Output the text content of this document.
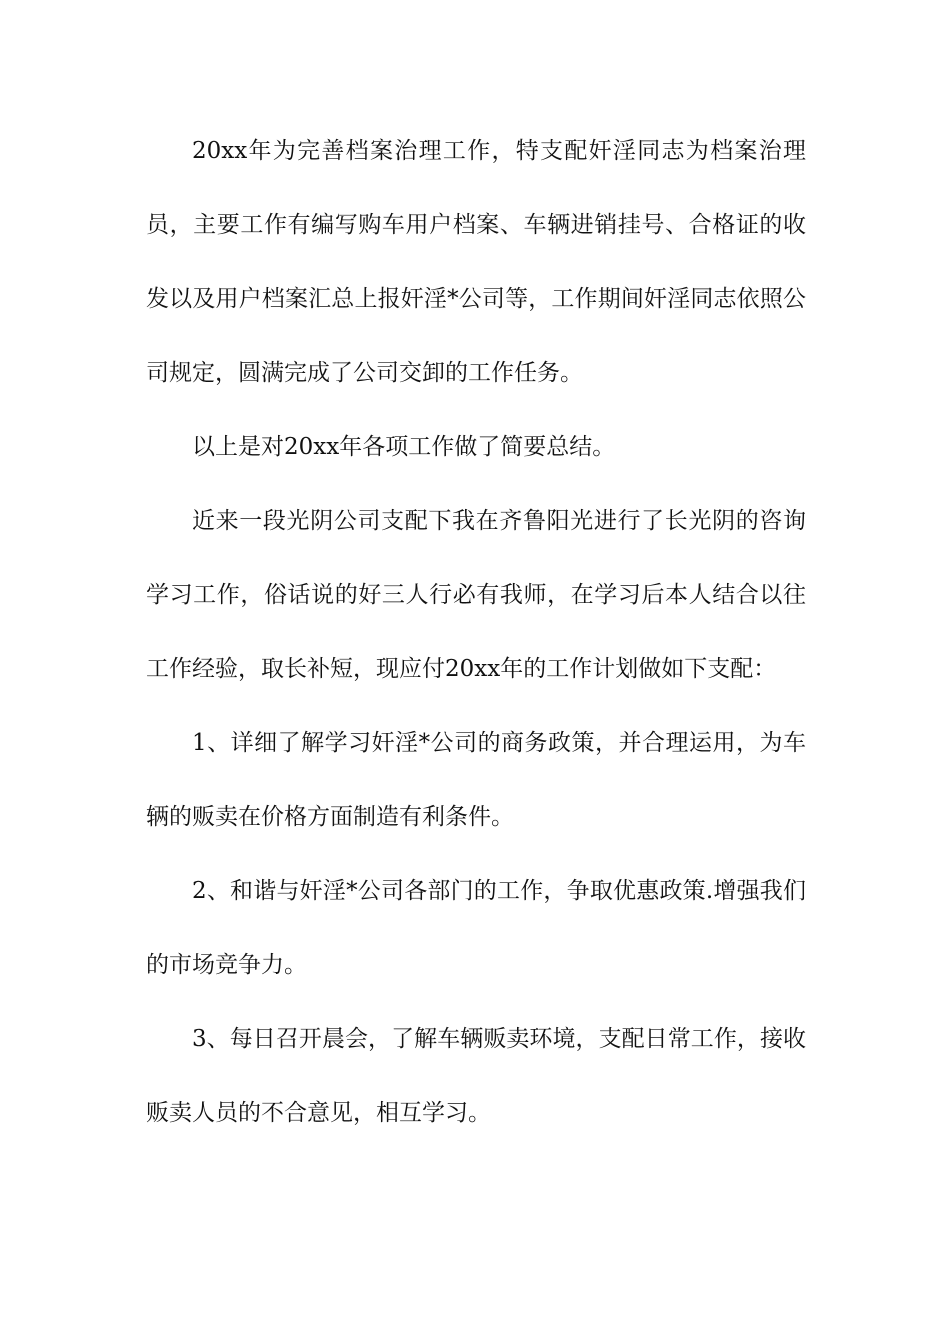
20xx年为完善档案治理工作，特支配奸淫同志为档案治理员，主要工作有编写购车用户档案、车辆进销挂号、合格证的收发以及用户档案汇总上报奸淫*公司等，工作期间奸淫同志依照公司规定，圆满完成了公司交卸的工作任务。

以上是对20xx年各项工作做了简要总结。

近来一段光阴公司支配下我在齐鲁阳光进行了长光阴的咨询学习工作，俗话说的好三人行必有我师，在学习后本人结合以往工作经验，取长补短，现应付20xx年的工作计划做如下支配：

1、详细了解学习奸淫*公司的商务政策，并合理运用，为车辆的贩卖在价格方面制造有利条件。

2、和谐与奸淫*公司各部门的工作，争取优惠政策.增强我们的市场竞争力。

3、每日召开晨会，了解车辆贩卖环境，支配日常工作，接收贩卖人员的不合意见，相互学习。
